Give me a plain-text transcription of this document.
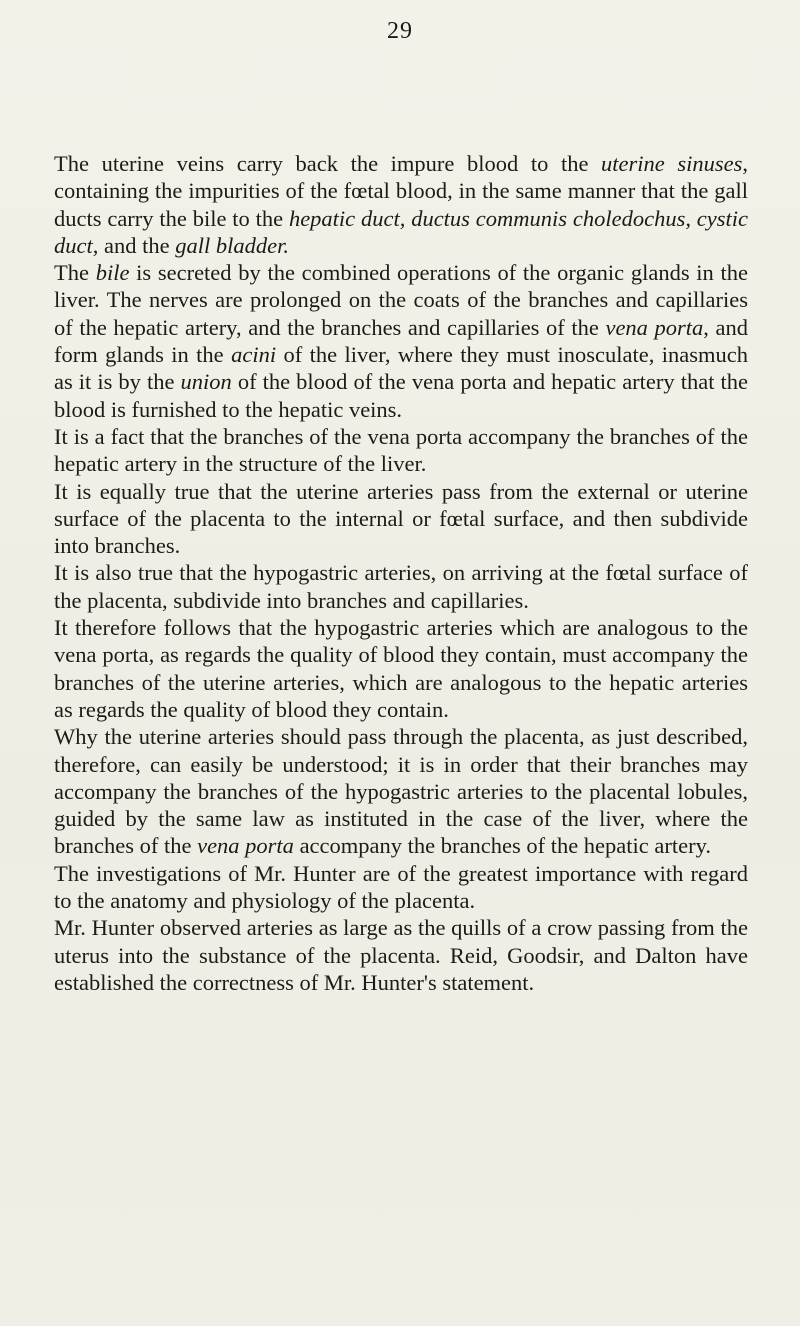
29

The uterine veins carry back the impure blood to the uterine sinuses, containing the impurities of the fœtal blood, in the same manner that the gall ducts carry the bile to the hepatic duct, ductus communis choledochus, cystic duct, and the gall bladder.

The bile is secreted by the combined operations of the organic glands in the liver. The nerves are prolonged on the coats of the branches and capillaries of the hepatic artery, and the branches and capillaries of the vena porta, and form glands in the acini of the liver, where they must inosculate, inasmuch as it is by the union of the blood of the vena porta and hepatic artery that the blood is furnished to the hepatic veins.

It is a fact that the branches of the vena porta accompany the branches of the hepatic artery in the structure of the liver.

It is equally true that the uterine arteries pass from the external or uterine surface of the placenta to the internal or fœtal surface, and then subdivide into branches.

It is also true that the hypogastric arteries, on arriving at the fœtal surface of the placenta, subdivide into branches and capillaries.

It therefore follows that the hypogastric arteries which are analogous to the vena porta, as regards the quality of blood they contain, must accompany the branches of the uterine arteries, which are analogous to the hepatic arteries as regards the quality of blood they contain.

Why the uterine arteries should pass through the placenta, as just described, therefore, can easily be understood; it is in order that their branches may accompany the branches of the hypogastric arteries to the placental lobules, guided by the same law as instituted in the case of the liver, where the branches of the vena porta accompany the branches of the hepatic artery.

The investigations of Mr. Hunter are of the greatest importance with regard to the anatomy and physiology of the placenta.

Mr. Hunter observed arteries as large as the quills of a crow passing from the uterus into the substance of the placenta. Reid, Goodsir, and Dalton have established the correctness of Mr. Hunter's statement.
